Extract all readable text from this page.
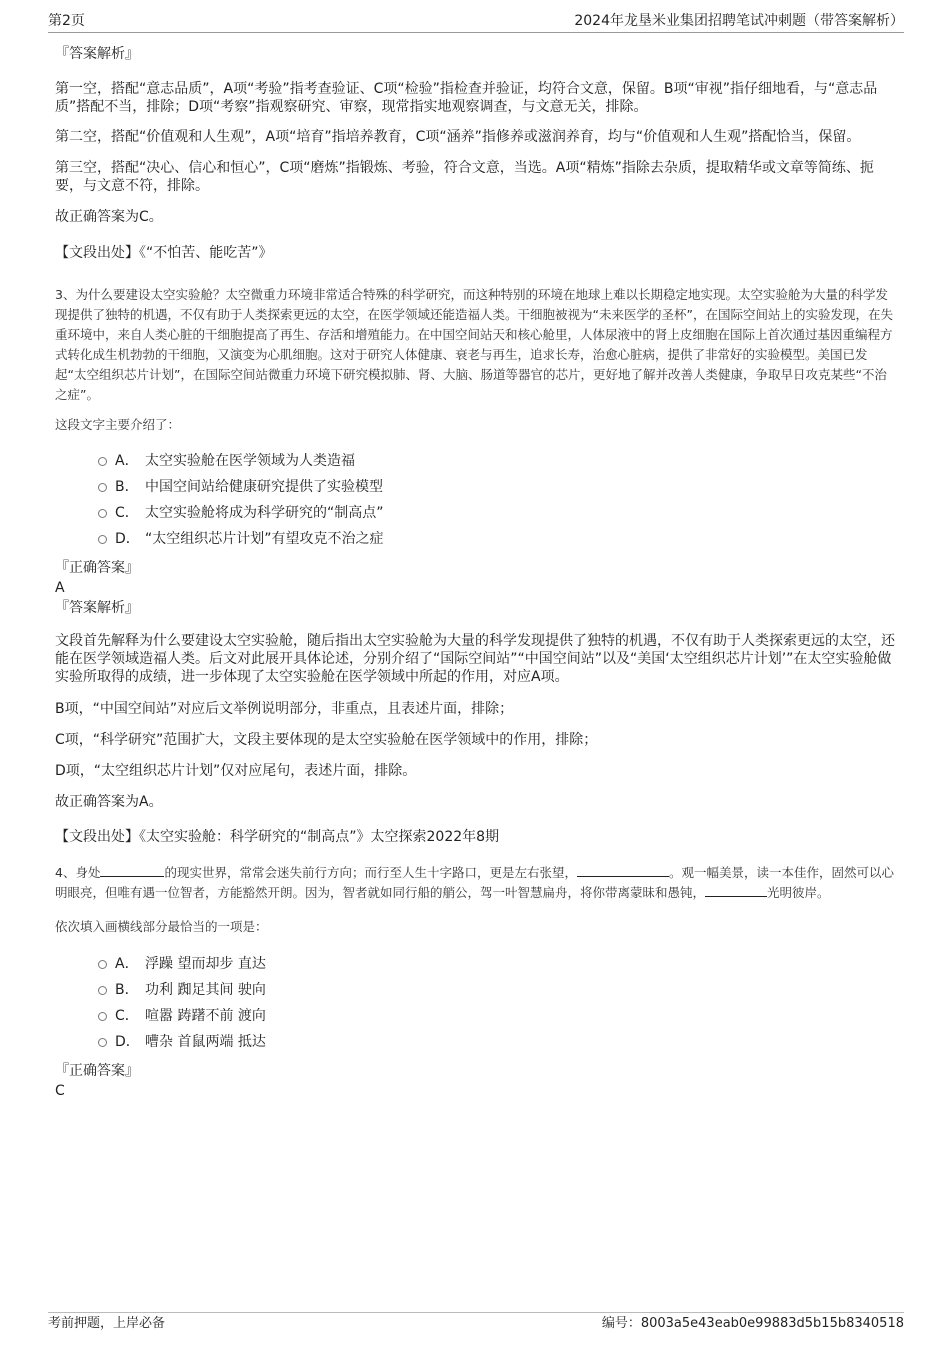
第2页	2024年龙垦米业集团招聘笔试冲刺题（带答案解析）

『答案解析』

第一空，搭配“意志品质”，A项“考验”指考查验证、C项“检验”指检查并验证，均符合文意，保留。B项“审视”指仔细地看，与“意志品质”搭配不当，排除；D项“考察”指观察研究、审察，现常指实地观察调查，与文意无关，排除。

第二空，搭配“价值观和人生观”，A项“培育”指培养教育，C项“涵养”指修养或滋润养育，均与“价值观和人生观”搭配恰当，保留。

第三空，搭配“决心、信心和恒心”，C项“磨炼”指锻炼、考验，符合文意，当选。A项“精炼”指除去杂质，提取精华或文章等简练、扼要，与文意不符，排除。

故正确答案为C。

【文段出处】《“不怕苦、能吃苦”》

3、为什么要建设太空实验舱？太空微重力环境非常适合特殊的科学研究，而这种特别的环境在地球上难以长期稳定地实现。太空实验舱为大量的科学发现提供了独特的机遇，不仅有助于人类探索更远的太空，在医学领域还能造福人类。干细胞被视为“未来医学的圣杯”，在国际空间站上的实验发现，在失重环境中，来自人类心脏的干细胞提高了再生、存活和增殖能力。在中国空间站天和核心舱里，人体尿液中的肾上皮细胞在国际上首次通过基因重编程方式转化成生机勃勃的干细胞，又演变为心肌细胞。这对于研究人体健康、衰老与再生，追求长寿，治愈心脏病，提供了非常好的实验模型。美国已发起“太空组织芯片计划”，在国际空间站微重力环境下研究模拟肺、肾、大脑、肠道等器官的芯片，更好地了解并改善人类健康，争取早日攻克某些“不治之症”。

这段文字主要介绍了：

A． 太空实验舱在医学领域为人类造福
B． 中国空间站给健康研究提供了实验模型
C． 太空实验舱将成为科学研究的“制高点”
D． “太空组织芯片计划”有望攻克不治之症

『正确答案』

A

『答案解析』

文段首先解释为什么要建设太空实验舱，随后指出太空实验舱为大量的科学发现提供了独特的机遇，不仅有助于人类探索更远的太空，还能在医学领域造福人类。后文对此展开具体论述，分别介绍了“国际空间站”“中国空间站”以及“美国‘太空组织芯片计划’”在太空实验舱做实验所取得的成绩，进一步体现了太空实验舱在医学领域中所起的作用，对应A项。

B项，“中国空间站”对应后文举例说明部分，非重点，且表述片面，排除；

C项，“科学研究”范围扩大，文段主要体现的是太空实验舱在医学领域中的作用，排除；

D项，“太空组织芯片计划”仅对应尾句，表述片面，排除。

故正确答案为A。

【文段出处】《太空实验舱：科学研究的“制高点”》太空探索2022年8期

4、身处	的现实世界，常常会迷失前行方向；而行至人生十字路口，更是左右张望，	。观一幅美景，读一本佳作，固然可以心明眼亮，但唯有遇一位智者，方能豁然开朗。因为，智者就如同行船的艄公，驾一叶智慧扁舟，将你带离蒙昧和愚钝，	光明彼岸。

依次填入画横线部分最恰当的一项是：

A． 浮躁 望而却步 直达
B． 功利 踟足其间 驶向
C． 喧嚣 踌躇不前 渡向
D． 嘈杂 首鼠两端 抵达

『正确答案』

C

考前押题，上岸必备	编号：8003a5e43eab0e99883d5b15b8340518
